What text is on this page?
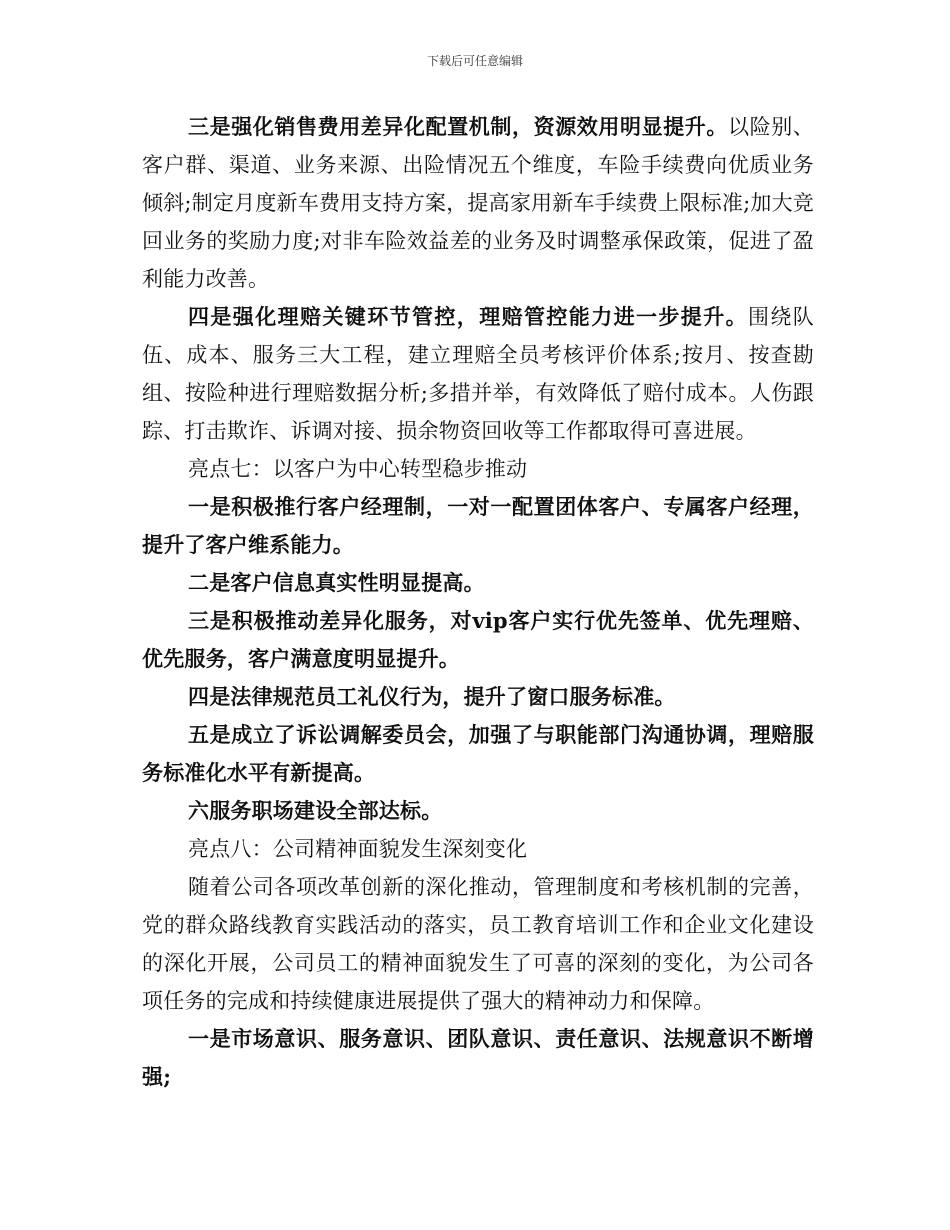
下载后可任意编辑

三是强化销售费用差异化配置机制，资源效用明显提升。以险别、客户群、渠道、业务来源、出险情况五个维度，车险手续费向优质业务倾斜;制定月度新车费用支持方案，提高家用新车手续费上限标准;加大竞回业务的奖励力度;对非车险效益差的业务及时调整承保政策，促进了盈利能力改善。

四是强化理赔关键环节管控，理赔管控能力进一步提升。围绕队伍、成本、服务三大工程，建立理赔全员考核评价体系;按月、按查勘组、按险种进行理赔数据分析;多措并举，有效降低了赔付成本。人伤跟踪、打击欺诈、诉调对接、损余物资回收等工作都取得可喜进展。

亮点七：以客户为中心转型稳步推动

一是积极推行客户经理制，一对一配置团体客户、专属客户经理，提升了客户维系能力。

二是客户信息真实性明显提高。

三是积极推动差异化服务，对vip客户实行优先签单、优先理赔、优先服务，客户满意度明显提升。

四是法律规范员工礼仪行为，提升了窗口服务标准。

五是成立了诉讼调解委员会，加强了与职能部门沟通协调，理赔服务标准化水平有新提高。

六服务职场建设全部达标。

亮点八：公司精神面貌发生深刻变化

随着公司各项改革创新的深化推动，管理制度和考核机制的完善，党的群众路线教育实践活动的落实，员工教育培训工作和企业文化建设的深化开展，公司员工的精神面貌发生了可喜的深刻的变化，为公司各项任务的完成和持续健康进展提供了强大的精神动力和保障。

一是市场意识、服务意识、团队意识、责任意识、法规意识不断增强;
